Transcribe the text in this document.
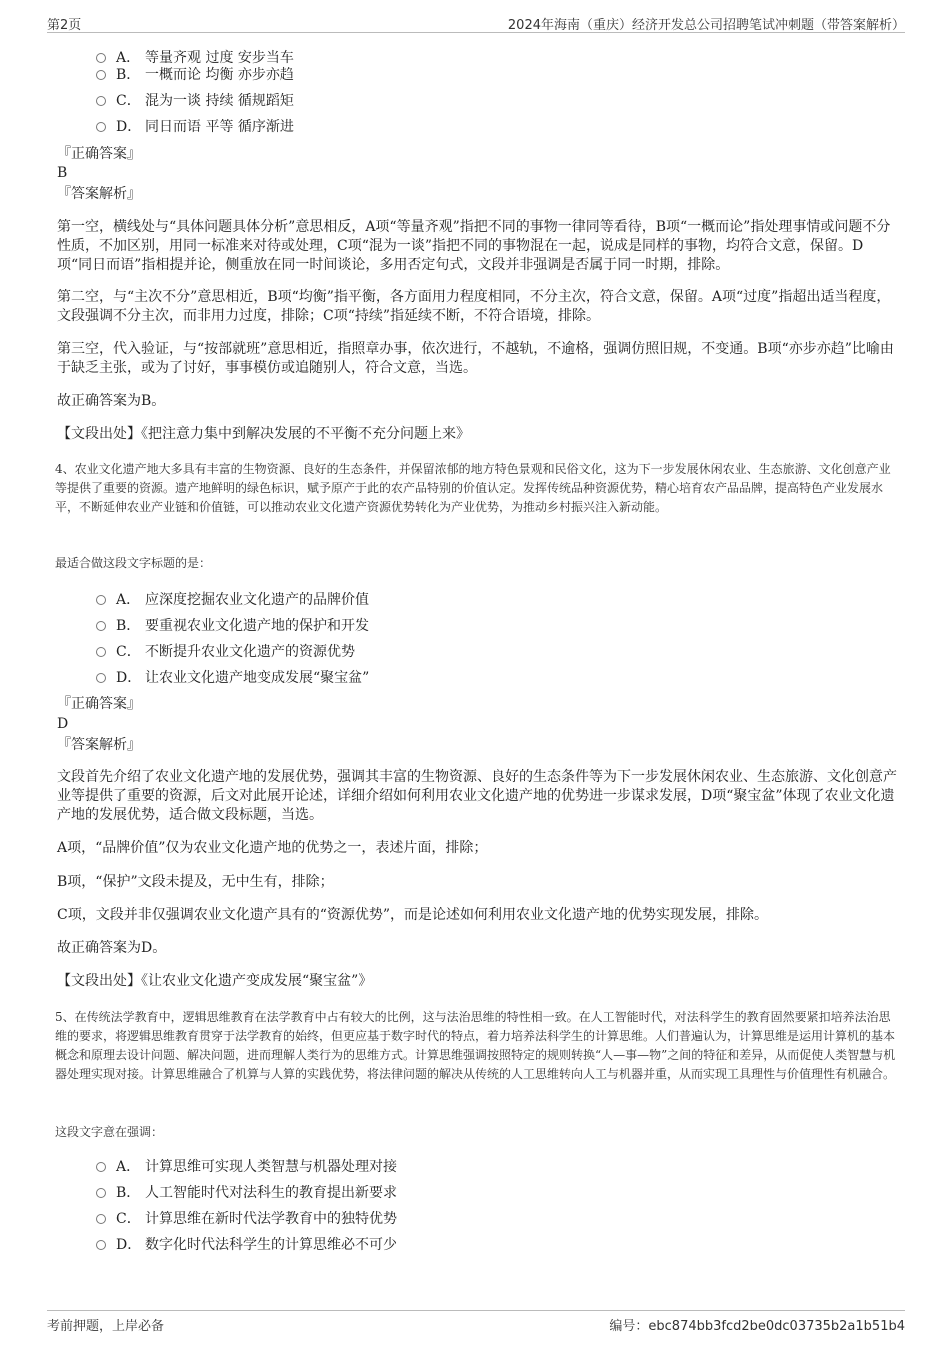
第2页	2024年海南（重庆）经济开发总公司招聘笔试冲刺题（带答案解析）
A． 等量齐观 过度 安步当车
B． 一概而论 均衡 亦步亦趋
C． 混为一谈 持续 循规蹈矩
D． 同日而语 平等 循序渐进
『正确答案』
B
『答案解析』

第一空，横线处与“具体问题具体分析”意思相反，A项“等量齐观”指把不同的事物一律同等看待，B项“一概而论”指处理事情或问题不分性质，不加区别，用同一标准来对待或处理，C项“混为一谈”指把不同的事物混在一起，说成是同样的事物，均符合文意，保留。D项“同日而语”指相提并论，侧重放在同一时间谈论，多用否定句式，文段并非强调是否属于同一时期，排除。

第二空，与“主次不分”意思相近，B项“均衡”指平衡，各方面用力程度相同，不分主次，符合文意，保留。A项“过度”指超出适当程度，文段强调不分主次，而非用力过度，排除；C项“持续”指延续不断，不符合语境，排除。

第三空，代入验证，与“按部就班”意思相近，指照章办事，依次进行，不越轨，不逾格，强调仿照旧规，不变通。B项“亦步亦趋”比喻由于缺乏主张，或为了讨好，事事模仿或追随别人，符合文意，当选。

故正确答案为B。

【文段出处】《把注意力集中到解决发展的不平衡不充分问题上来》

4、农业文化遗产地大多具有丰富的生物资源、良好的生态条件，并保留浓郁的地方特色景观和民俗文化，这为下一步发展休闲农业、生态旅游、文化创意产业等提供了重要的资源。遗产地鲜明的绿色标识，赋予原产于此的农产品特别的价值认定。发挥传统品种资源优势，精心培育农产品品牌，提高特色产业发展水平，不断延伸农业产业链和价值链，可以推动农业文化遗产资源优势转化为产业优势，为推动乡村振兴注入新动能。

最适合做这段文字标题的是：

A． 应深度挖掘农业文化遗产的品牌价值
B． 要重视农业文化遗产地的保护和开发
C． 不断提升农业文化遗产的资源优势
D． 让农业文化遗产地变成发展“聚宝盆”
『正确答案』
D
『答案解析』

文段首先介绍了农业文化遗产地的发展优势，强调其丰富的生物资源、良好的生态条件等为下一步发展休闲农业、生态旅游、文化创意产业等提供了重要的资源，后文对此展开论述，详细介绍如何利用农业文化遗产地的优势进一步谋求发展，D项“聚宝盆”体现了农业文化遗产地的发展优势，适合做文段标题，当选。

A项，“品牌价值”仅为农业文化遗产地的优势之一，表述片面，排除；

B项，“保护”文段未提及，无中生有，排除；

C项，文段并非仅强调农业文化遗产具有的“资源优势”，而是论述如何利用农业文化遗产地的优势实现发展，排除。

故正确答案为D。

【文段出处】《让农业文化遗产变成发展“聚宝盆”》

5、在传统法学教育中，逻辑思维教育在法学教育中占有较大的比例，这与法治思维的特性相一致。在人工智能时代，对法科学生的教育固然要紧扣培养法治思维的要求，将逻辑思维教育贯穿于法学教育的始终，但更应基于数字时代的特点，着力培养法科学生的计算思维。人们普遍认为，计算思维是运用计算机的基本概念和原理去设计问题、解决问题，进而理解人类行为的思维方式。计算思维强调按照特定的规则转换“人—事—物”之间的特征和差异，从而促使人类智慧与机器处理实现对接。计算思维融合了机算与人算的实践优势，将法律问题的解决从传统的人工思维转向人工与机器并重，从而实现工具理性与价值理性有机融合。

这段文字意在强调：

A． 计算思维可实现人类智慧与机器处理对接
B． 人工智能时代对法科生的教育提出新要求
C． 计算思维在新时代法学教育中的独特优势
D． 数字化时代法科学生的计算思维必不可少
考前押题，上岸必备	编号：ebc874bb3fcd2be0dc03735b2a1b51b4
